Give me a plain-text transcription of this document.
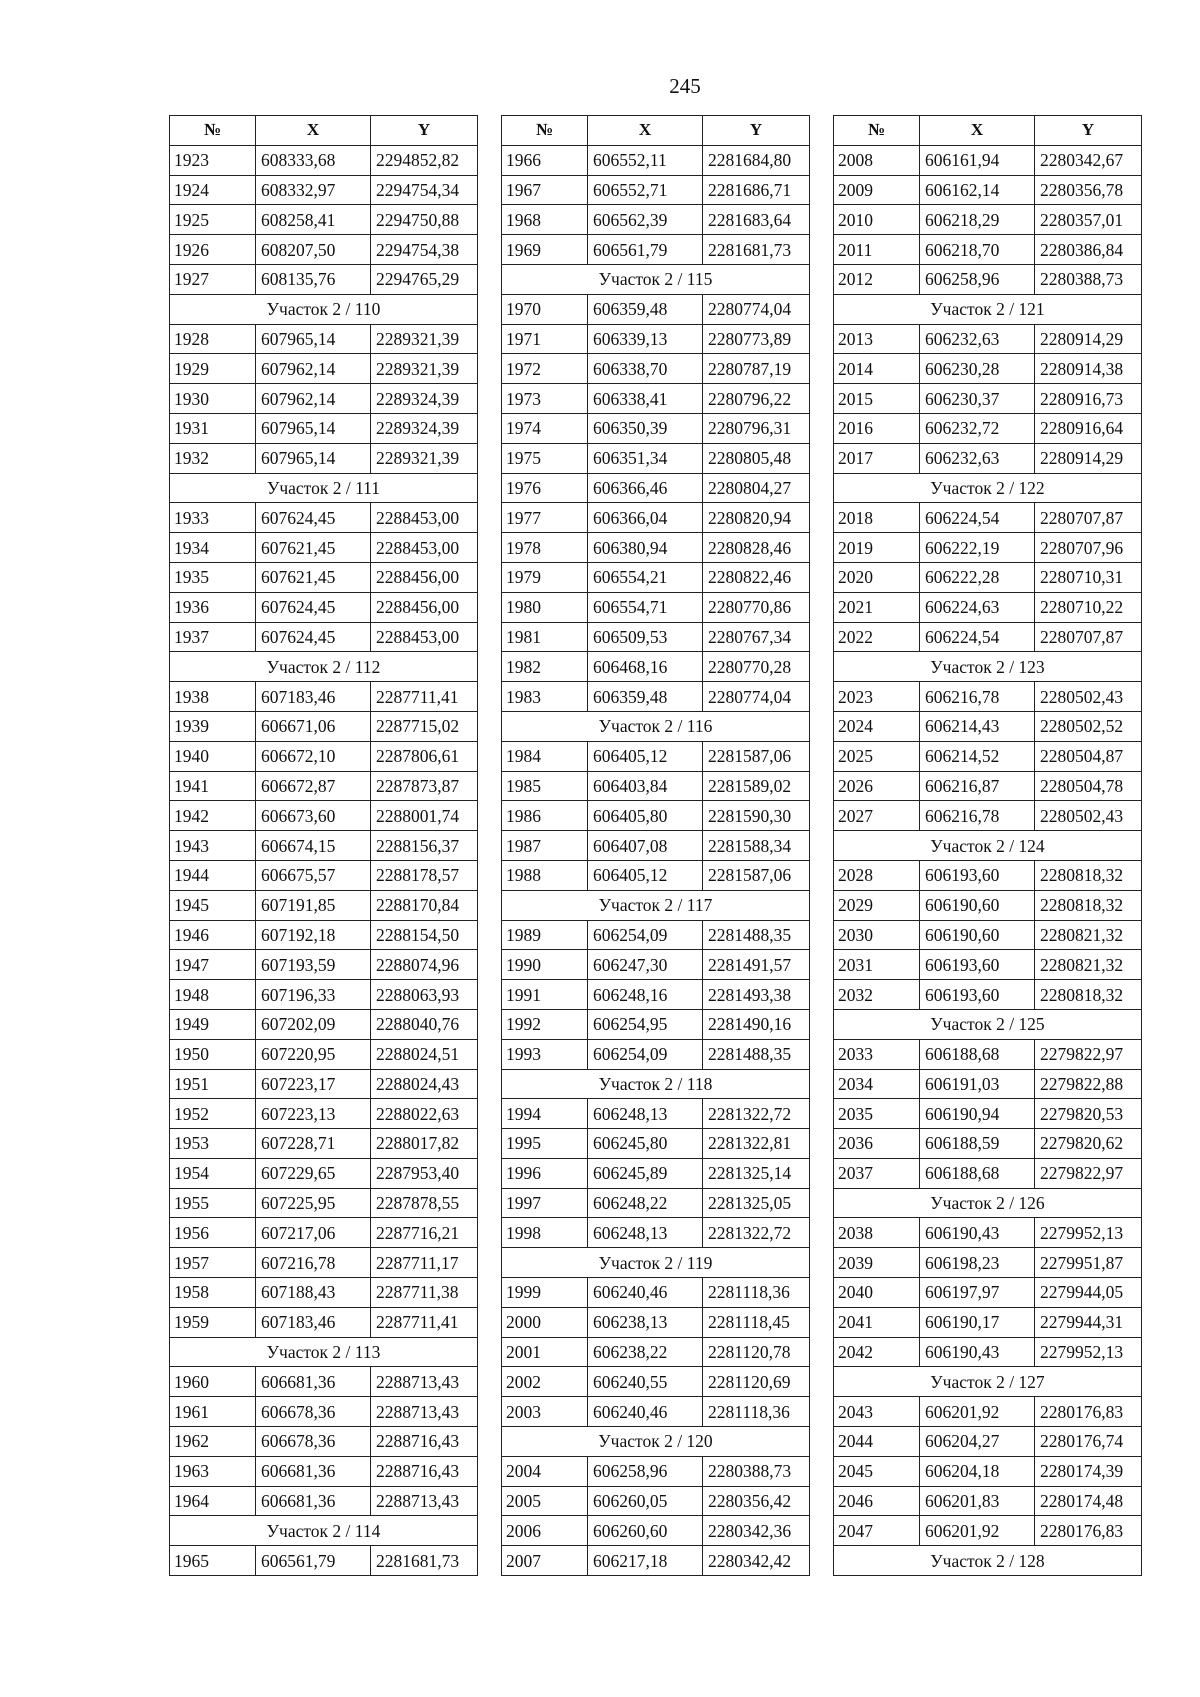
245
№	X	Y
1923	608333,68	2294852,82
1924	608332,97	2294754,34
1925	608258,41	2294750,88
1926	608207,50	2294754,38
1927	608135,76	2294765,29
Участок 2 / 110		
1928	607965,14	2289321,39
1929	607962,14	2289321,39
1930	607962,14	2289324,39
1931	607965,14	2289324,39
1932	607965,14	2289321,39
Участок 2 / 111		
1933	607624,45	2288453,00
1934	607621,45	2288453,00
1935	607621,45	2288456,00
1936	607624,45	2288456,00
1937	607624,45	2288453,00
Участок 2 / 112		
1938	607183,46	2287711,41
1939	606671,06	2287715,02
1940	606672,10	2287806,61
1941	606672,87	2287873,87
1942	606673,60	2288001,74
1943	606674,15	2288156,37
1944	606675,57	2288178,57
1945	607191,85	2288170,84
1946	607192,18	2288154,50
1947	607193,59	2288074,96
1948	607196,33	2288063,93
1949	607202,09	2288040,76
1950	607220,95	2288024,51
1951	607223,17	2288024,43
1952	607223,13	2288022,63
1953	607228,71	2288017,82
1954	607229,65	2287953,40
1955	607225,95	2287878,55
1956	607217,06	2287716,21
1957	607216,78	2287711,17
1958	607188,43	2287711,38
1959	607183,46	2287711,41
Участок 2 / 113		
1960	606681,36	2288713,43
1961	606678,36	2288713,43
1962	606678,36	2288716,43
1963	606681,36	2288716,43
1964	606681,36	2288713,43
Участок 2 / 114		
1965	606561,79	2281681,73
№	X	Y
1966	606552,11	2281684,80
1967	606552,71	2281686,71
1968	606562,39	2281683,64
1969	606561,79	2281681,73
Участок 2 / 115		
1970	606359,48	2280774,04
1971	606339,13	2280773,89
1972	606338,70	2280787,19
1973	606338,41	2280796,22
1974	606350,39	2280796,31
1975	606351,34	2280805,48
1976	606366,46	2280804,27
1977	606366,04	2280820,94
1978	606380,94	2280828,46
1979	606554,21	2280822,46
1980	606554,71	2280770,86
1981	606509,53	2280767,34
1982	606468,16	2280770,28
1983	606359,48	2280774,04
Участок 2 / 116		
1984	606405,12	2281587,06
1985	606403,84	2281589,02
1986	606405,80	2281590,30
1987	606407,08	2281588,34
1988	606405,12	2281587,06
Участок 2 / 117		
1989	606254,09	2281488,35
1990	606247,30	2281491,57
1991	606248,16	2281493,38
1992	606254,95	2281490,16
1993	606254,09	2281488,35
Участок 2 / 118		
1994	606248,13	2281322,72
1995	606245,80	2281322,81
1996	606245,89	2281325,14
1997	606248,22	2281325,05
1998	606248,13	2281322,72
Участок 2 / 119		
1999	606240,46	2281118,36
2000	606238,13	2281118,45
2001	606238,22	2281120,78
2002	606240,55	2281120,69
2003	606240,46	2281118,36
Участок 2 / 120		
2004	606258,96	2280388,73
2005	606260,05	2280356,42
2006	606260,60	2280342,36
2007	606217,18	2280342,42
№	X	Y
2008	606161,94	2280342,67
2009	606162,14	2280356,78
2010	606218,29	2280357,01
2011	606218,70	2280386,84
2012	606258,96	2280388,73
Участок 2 / 121		
2013	606232,63	2280914,29
2014	606230,28	2280914,38
2015	606230,37	2280916,73
2016	606232,72	2280916,64
2017	606232,63	2280914,29
Участок 2 / 122		
2018	606224,54	2280707,87
2019	606222,19	2280707,96
2020	606222,28	2280710,31
2021	606224,63	2280710,22
2022	606224,54	2280707,87
Участок 2 / 123		
2023	606216,78	2280502,43
2024	606214,43	2280502,52
2025	606214,52	2280504,87
2026	606216,87	2280504,78
2027	606216,78	2280502,43
Участок 2 / 124		
2028	606193,60	2280818,32
2029	606190,60	2280818,32
2030	606190,60	2280821,32
2031	606193,60	2280821,32
2032	606193,60	2280818,32
Участок 2 / 125		
2033	606188,68	2279822,97
2034	606191,03	2279822,88
2035	606190,94	2279820,53
2036	606188,59	2279820,62
2037	606188,68	2279822,97
Участок 2 / 126		
2038	606190,43	2279952,13
2039	606198,23	2279951,87
2040	606197,97	2279944,05
2041	606190,17	2279944,31
2042	606190,43	2279952,13
Участок 2 / 127		
2043	606201,92	2280176,83
2044	606204,27	2280176,74
2045	606204,18	2280174,39
2046	606201,83	2280174,48
2047	606201,92	2280176,83
Участок 2 / 128		
